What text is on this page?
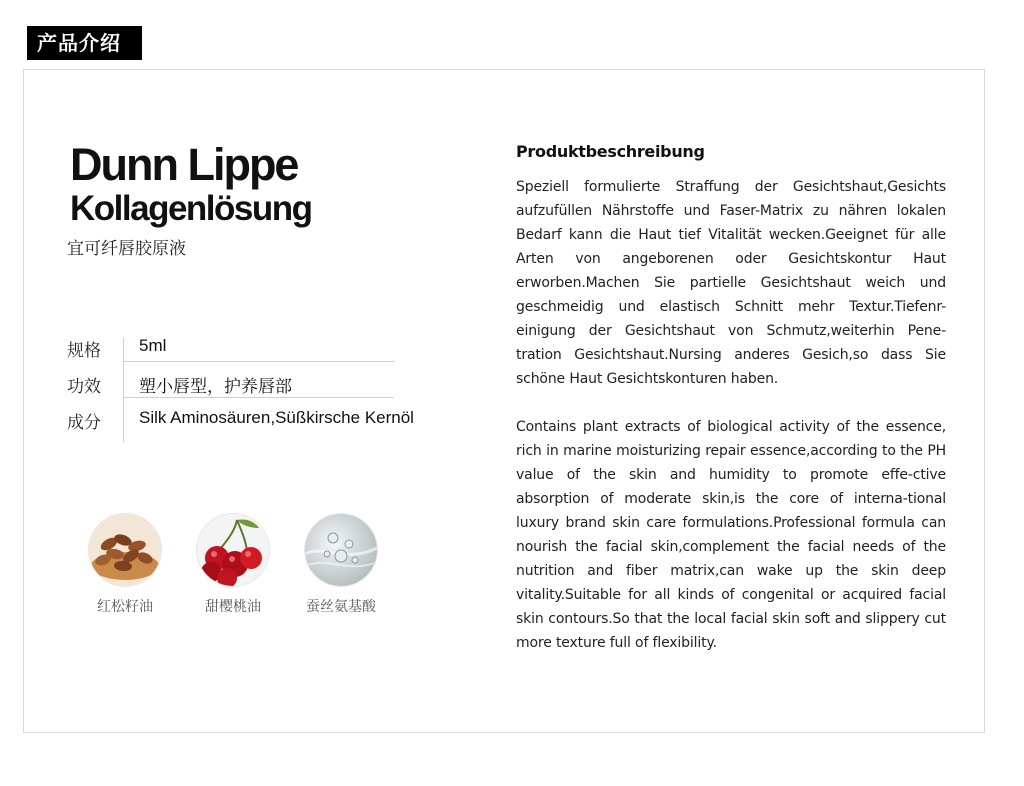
产品介绍
Dunn Lippe
Kollagenlösung
宜可纤唇胶原液
规格 5ml
功效 塑小唇型，护养唇部
成分 Silk Aminosäuren,Süßkirsche Kernöl
红松籽油	甜樱桃油	蚕丝氨基酸
Produktbeschreibung
Speziell formulierte Straffung der Gesichtshaut,Gesichts aufzufüllen Nährstoffe und Faser-Matrix zu nähren lokalen Bedarf kann die Haut tief Vitalität wecken.Geeignet für alle Arten von angeborenen oder Gesichtskontur Haut erworben.Machen Sie partielle Gesichtshaut weich und geschmeidig und elastisch Schnitt mehr Textur.Tiefenr-einigung der Gesichtshaut von Schmutz,weiterhin Pene-tration Gesichtshaut.Nursing anderes Gesich,so dass Sie schöne Haut Gesichtskonturen haben.
Contains plant extracts of biological activity of the essence, rich in marine moisturizing repair essence,according to the PH value of the skin and humidity to promote effe-ctive absorption of moderate skin,is the core of interna-tional luxury brand skin care formulations.Professional formula can nourish the facial skin,complement the facial needs of the nutrition and fiber matrix,can wake up the skin deep vitality.Suitable for all kinds of congenital or acquired facial skin contours.So that the local facial skin soft and slippery cut more texture full of flexibility.
